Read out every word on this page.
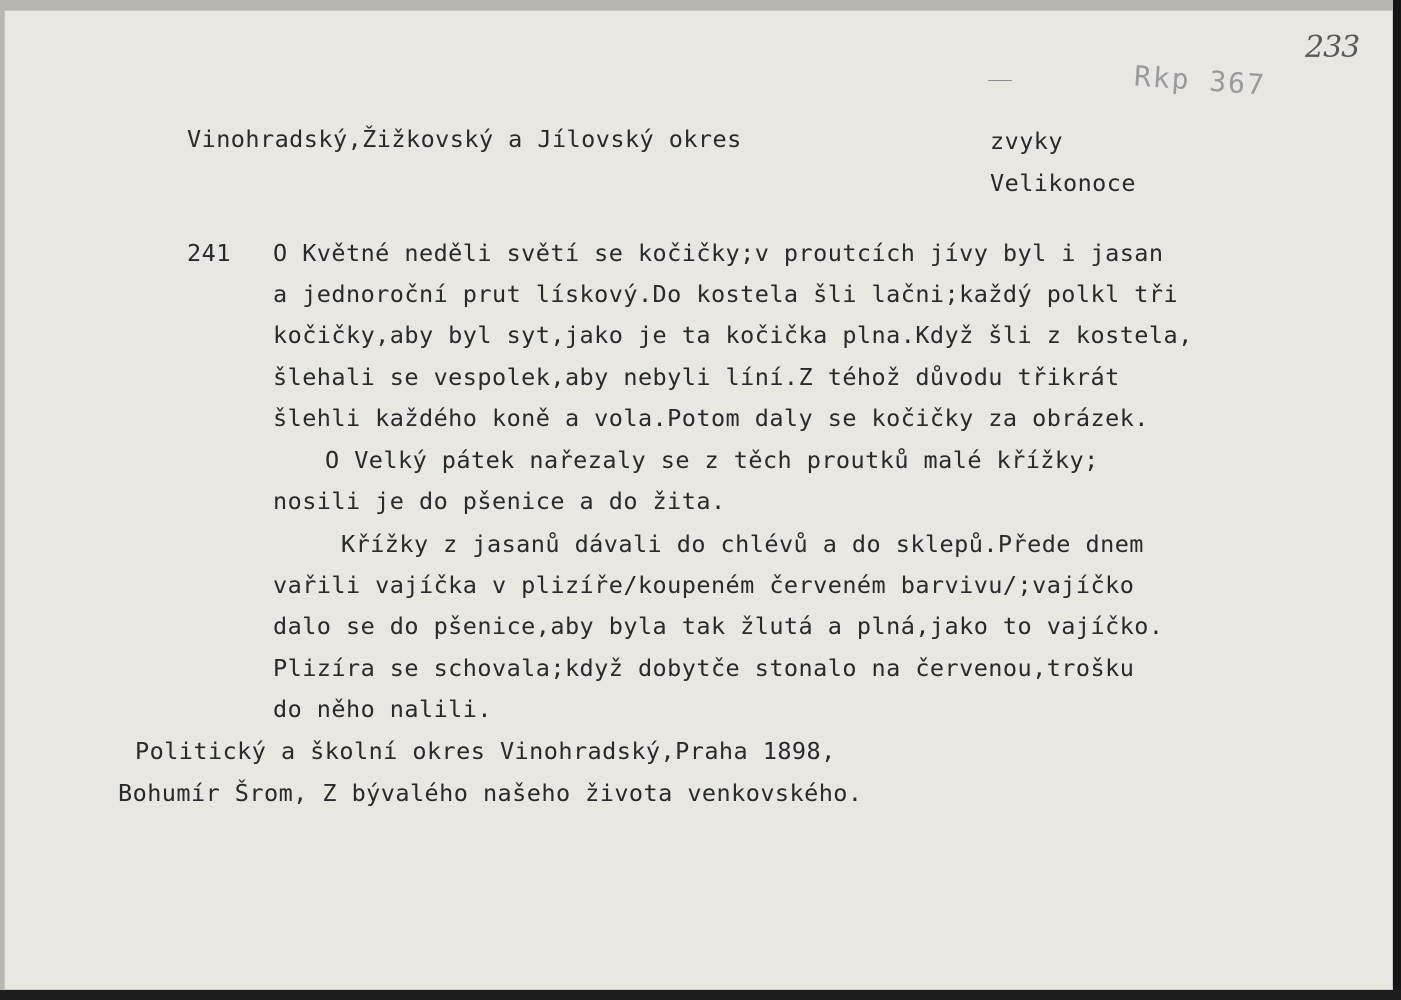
233
Rkp 367
Vinohradský,Žižkovský a Jílovský okres	zvyky
Velikonoce
241 O Květné neděli světí se kočičky;v proutcích jívy byl i jasan
a jednoroční prut lískový.Do kostela šli lačni;každý polkl tři
kočičky,aby byl syt,jako je ta kočička plna.Když šli z kostela,
šlehali se vespolek,aby nebyli líní.Z téhož důvodu třikrát
šlehli každého koně a vola.Potom daly se kočičky za obrázek.
O Velký pátek nařezaly se z těch proutků malé křížky;
nosili je do pšenice a do žita.
Křížky z jasanů dávali do chlévů a do sklepů.Přede dnem
vařili vajíčka v plizíře/koupeném červeném barvivu/;vajíčko
dalo se do pšenice,aby byla tak žlutá a plná,jako to vajíčko.
Plizíra se schovala;když dobytče stonalo na červenou,trošku
do něho nalili.
Politický a školní okres Vinohradský,Praha 1898,
Bohumír Šrom, Z bývalého našeho života venkovského.
